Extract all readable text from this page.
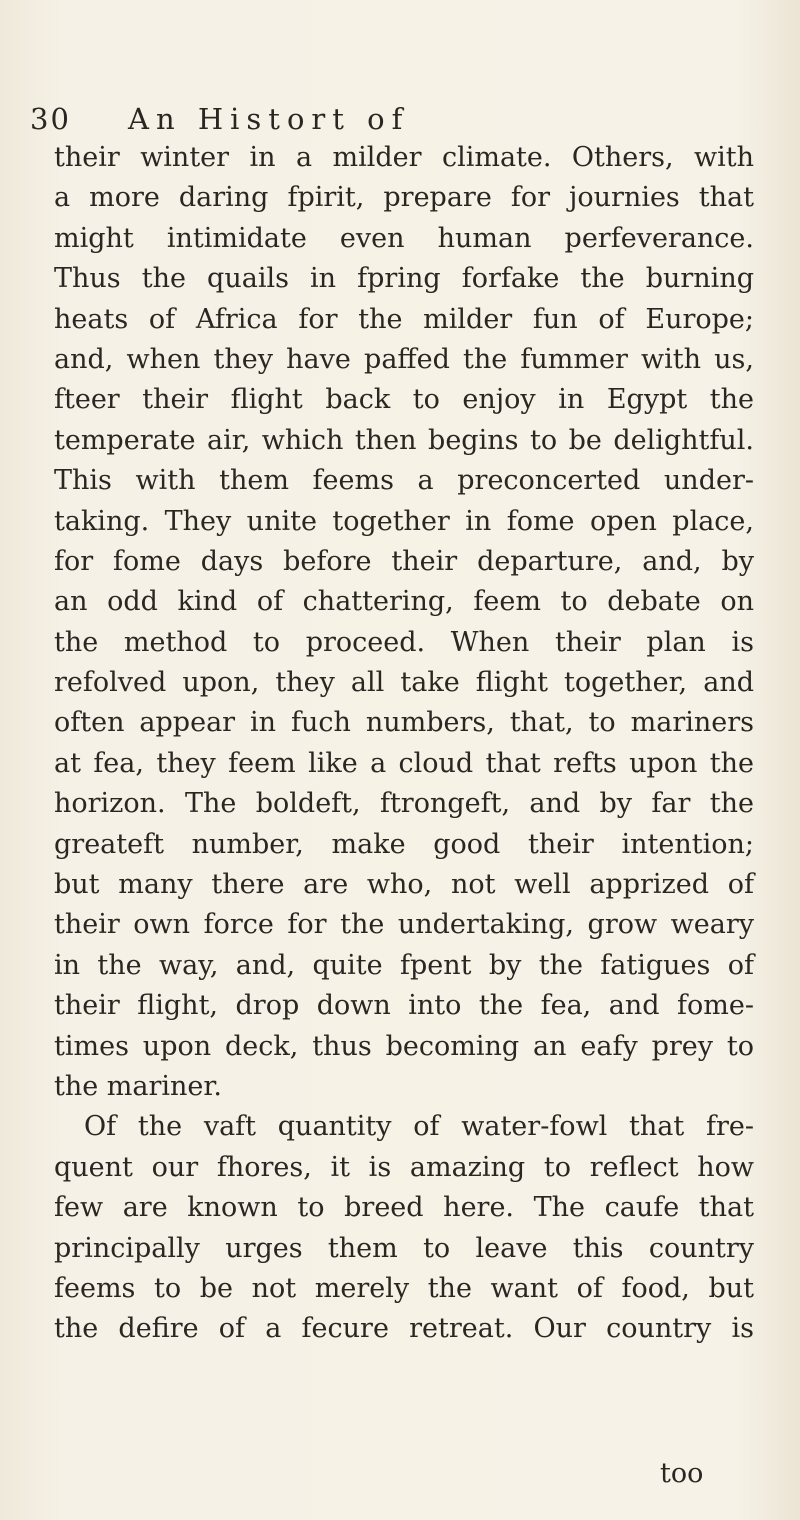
30 An Histort of
their winter in a milder climate. Others, with
a more daring fpirit, prepare for journies that
might intimidate even human perfeverance.
Thus the quails in fpring forfake the burning
heats of Africa for the milder fun of Europe;
and, when they have paffed the fummer with us,
fteer their flight back to enjoy in Egypt the
temperate air, which then begins to be delightful.
This with them feems a preconcerted under-
taking. They unite together in fome open place,
for fome days before their departure, and, by
an odd kind of chattering, feem to debate on
the method to proceed. When their plan is
refolved upon, they all take flight together, and
often appear in fuch numbers, that, to mariners
at fea, they feem like a cloud that refts upon the
horizon. The boldeft, ftrongeft, and by far the
greateft number, make good their intention;
but many there are who, not well apprized of
their own force for the undertaking, grow weary
in the way, and, quite fpent by the fatigues of
their flight, drop down into the fea, and fome-
times upon deck, thus becoming an eafy prey to
the mariner.
Of the vaft quantity of water-fowl that fre-
quent our fhores, it is amazing to reflect how
few are known to breed here. The caufe that
principally urges them to leave this country
feems to be not merely the want of food, but
the defire of a fecure retreat. Our country is
too
